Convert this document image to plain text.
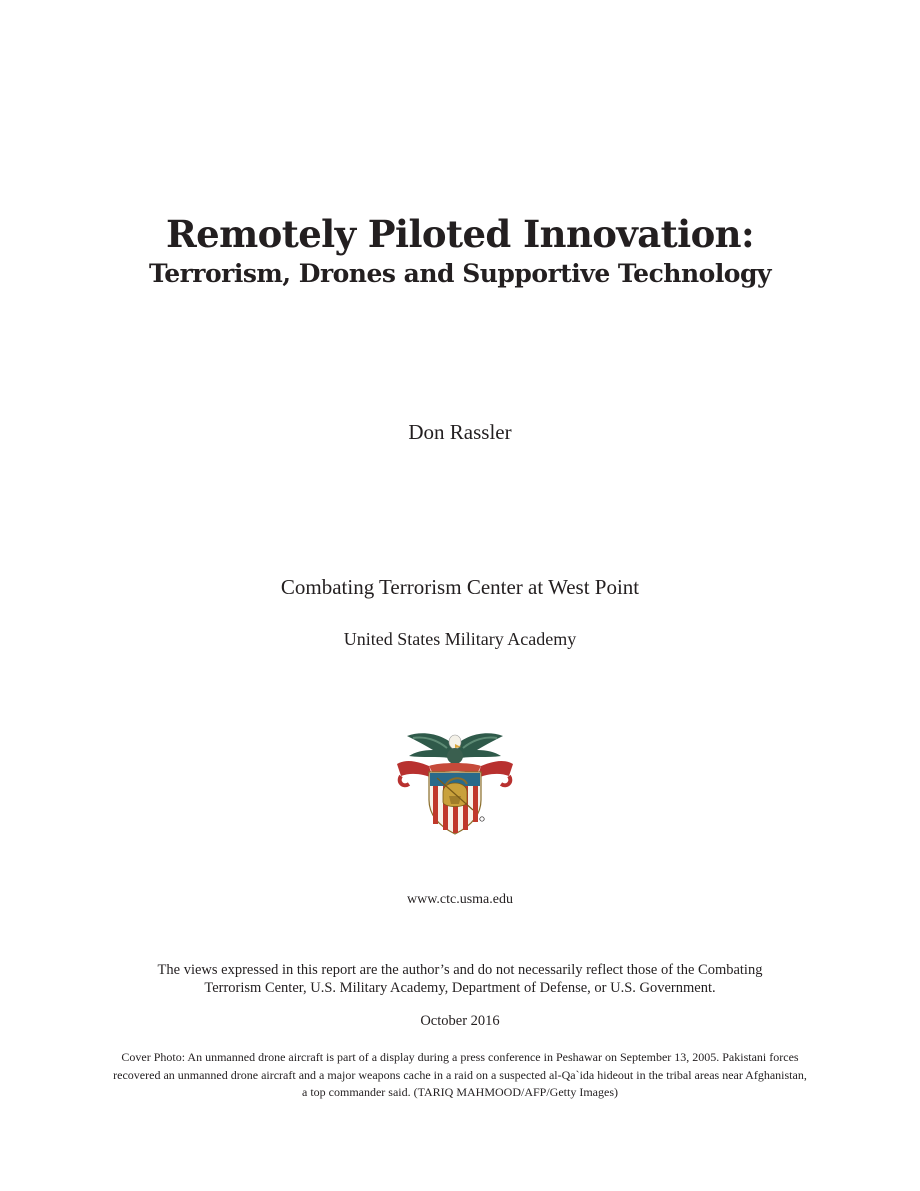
Remotely Piloted Innovation:
Terrorism, Drones and Supportive Technology
Don Rassler
Combating Terrorism Center at West Point
United States Military Academy
www.ctc.usma.edu
The views expressed in this report are the author’s and do not necessarily reflect those of the Combating
Terrorism Center, U.S. Military Academy, Department of Defense, or U.S. Government.
October 2016
Cover Photo: An unmanned drone aircraft is part of a display during a press conference in Peshawar on September 13, 2005. Pakistani forces
recovered an unmanned drone aircraft and a major weapons cache in a raid on a suspected al-Qa`ida hideout in the tribal areas near Afghanistan,
a top commander said. (TARIQ MAHMOOD/AFP/Getty Images)
